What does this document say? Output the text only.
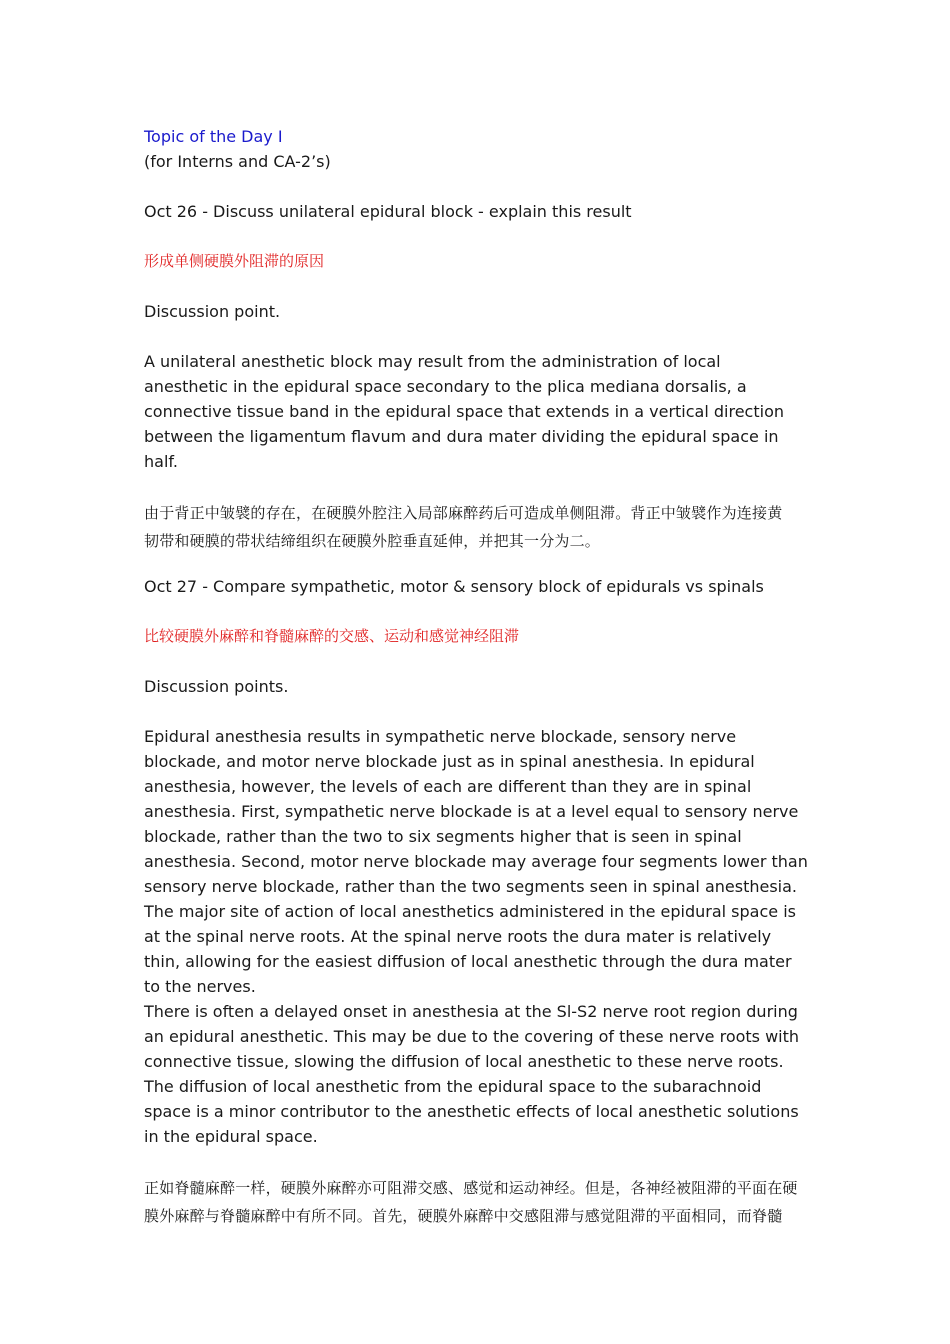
Topic of the Day I
(for Interns and CA-2’s)
Oct 26 - Discuss unilateral epidural block - explain this result
形成单侧硬膜外阻滞的原因
Discussion point.
A unilateral anesthetic block may result from the administration of local
anesthetic in the epidural space secondary to the plica mediana dorsalis, a
connective tissue band in the epidural space that extends in a vertical direction
between the ligamentum flavum and dura mater dividing the epidural space in
half.
由于背正中皱襞的存在，在硬膜外腔注入局部麻醉药后可造成单侧阻滞。背正中皱襞作为连接黄
韧带和硬膜的带状结缔组织在硬膜外腔垂直延伸，并把其一分为二。
Oct 27 - Compare sympathetic, motor & sensory block of epidurals vs spinals
比较硬膜外麻醉和脊髓麻醉的交感、运动和感觉神经阻滞
Discussion points.
Epidural anesthesia results in sympathetic nerve blockade, sensory nerve
blockade, and motor nerve blockade just as in spinal anesthesia. In epidural
anesthesia, however, the levels of each are different than they are in spinal
anesthesia. First, sympathetic nerve blockade is at a level equal to sensory nerve
blockade, rather than the two to six segments higher that is seen in spinal
anesthesia. Second, motor nerve blockade may average four segments lower than
sensory nerve blockade, rather than the two segments seen in spinal anesthesia.
The major site of action of local anesthetics administered in the epidural space is
at the spinal nerve roots. At the spinal nerve roots the dura mater is relatively
thin, allowing for the easiest diffusion of local anesthetic through the dura mater
to the nerves.
There is often a delayed onset in anesthesia at the Sl-S2 nerve root region during
an epidural anesthetic. This may be due to the covering of these nerve roots with
connective tissue, slowing the diffusion of local anesthetic to these nerve roots.
The diffusion of local anesthetic from the epidural space to the subarachnoid
space is a minor contributor to the anesthetic effects of local anesthetic solutions
in the epidural space.
正如脊髓麻醉一样，硬膜外麻醉亦可阻滞交感、感觉和运动神经。但是，各神经被阻滞的平面在硬
膜外麻醉与脊髓麻醉中有所不同。首先，硬膜外麻醉中交感阻滞与感觉阻滞的平面相同，而脊髓
